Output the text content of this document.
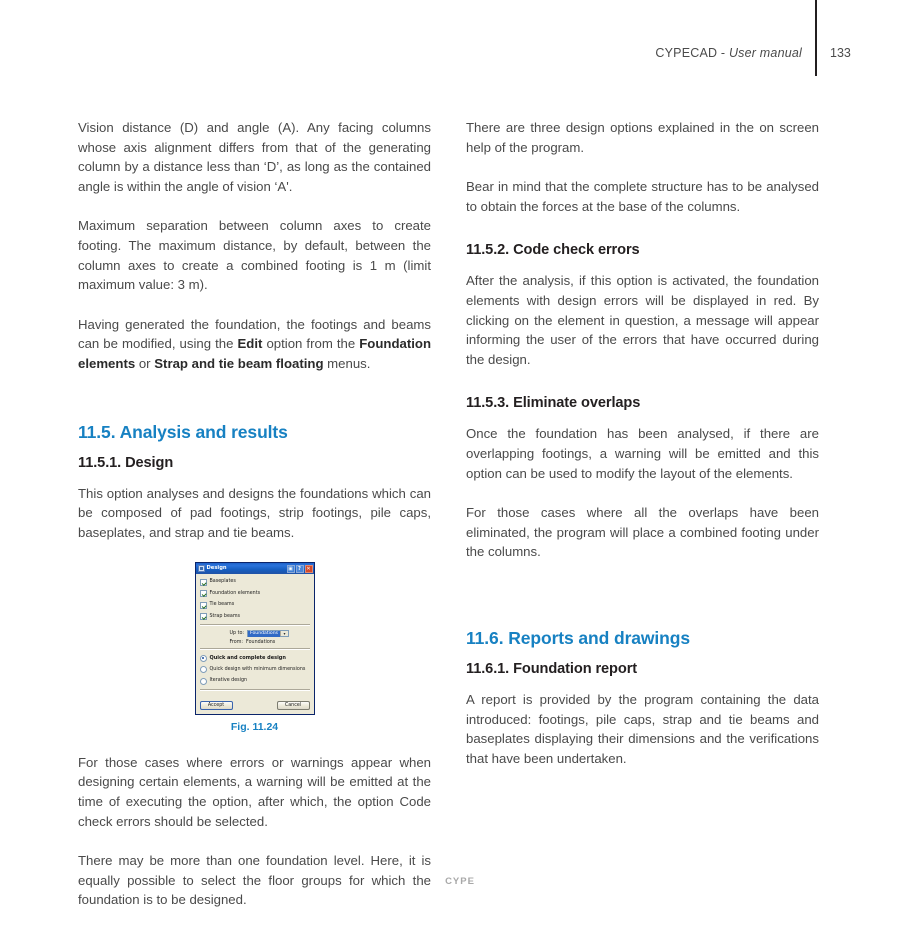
CYPECAD - User manual 133

Vision distance (D) and angle (A). Any facing columns whose axis alignment differs from that of the generating column by a distance less than ‘D’, as long as the contained angle is within the angle of vision ‘A'.

Maximum separation between column axes to create footing. The maximum distance, by default, between the column axes to create a combined footing is 1 m (limit maximum value: 3 m).

Having generated the foundation, the footings and beams can be modified, using the Edit option from the Foundation elements or Strap and tie beam floating menus.

11.5. Analysis and results
11.5.1. Design

This option analyses and designs the foundations which can be composed of pad footings, strip footings, pile caps, baseplates, and strap and tie beams.

Design	▣	?	✕
Baseplates
Foundation elements
Tie beams
Strap beams
Up to:	Foundations	▾
From: Foundations
Quick and complete design
Quick design with minimum dimensions
Iterative design
Accept	Cancel
Fig. 11.24

For those cases where errors or warnings appear when designing certain elements, a warning will be emitted at the time of executing the option, after which, the option Code check errors should be selected.

There may be more than one foundation level. Here, it is equally possible to select the floor groups for which the foundation is to be designed.

There are three design options explained in the on screen help of the program.

Bear in mind that the complete structure has to be analysed to obtain the forces at the base of the columns.

11.5.2. Code check errors

After the analysis, if this option is activated, the foundation elements with design errors will be displayed in red. By clicking on the element in question, a message will appear informing the user of the errors that have occurred during the design.

11.5.3. Eliminate overlaps

Once the foundation has been analysed, if there are overlapping footings, a warning will be emitted and this option can be used to modify the layout of the elements.

For those cases where all the overlaps have been eliminated, the program will place a combined footing under the columns.

11.6. Reports and drawings
11.6.1. Foundation report

A report is provided by the program containing the data introduced: footings, pile caps, strap and tie beams and baseplates displaying their dimensions and the verifications that have been undertaken.

CYPE
